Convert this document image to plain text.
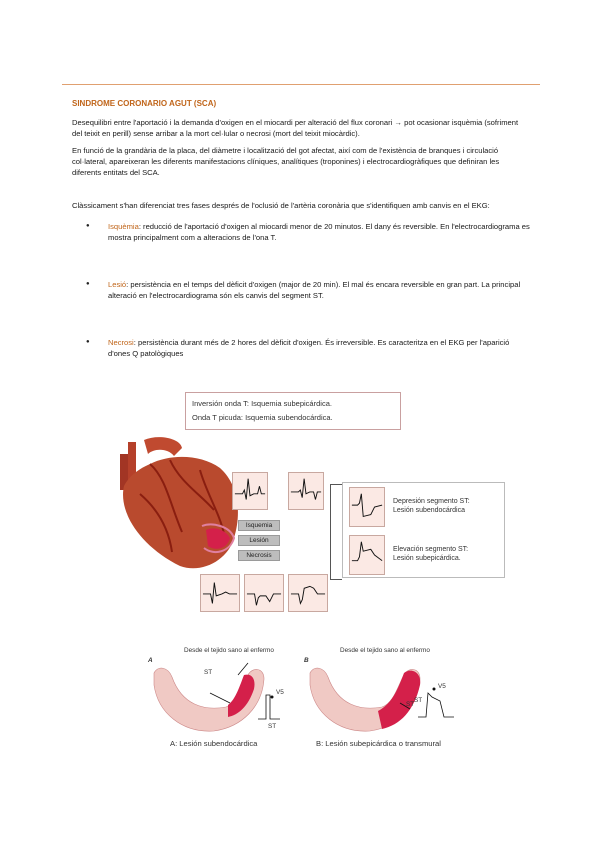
SINDROME CORONARIO AGUT (SCA)

Desequilibri entre l'aportació i la demanda d'oxigen en el miocardi per alteració del flux coronari → pot ocasionar isquèmia (sofriment del teixit en perill) sense arribar a la mort cel·lular o necrosi (mort del teixit miocàrdic).

En funció de la grandària de la placa, del diàmetre i localització del got afectat, així com de l'existència de branques i circulació col·lateral, apareixeran les diferents manifestacions clíniques, analítiques (troponines) i electrocardiogràfiques que definiran les diferents entitats del SCA.

Clàssicament s'han diferenciat tres fases després de l'oclusió de l'artèria coronària que s'identifiquen amb canvis en el EKG:

● Isquèmia: reducció de l'aportació d'oxigen al miocardi menor de 20 minutos. El dany és reversible. En l'electrocardiograma es mostra principalment com a alteracions de l'ona T.
● Lesió: persistència en el temps del dèficit d'oxigen (major de 20 min). El mal és encara reversible en gran part. La principal alteració en l'electrocardiograma són els canvis del segment ST.
● Necrosi: persistència durant més de 2 hores del dèficit d'oxigen. És irreversible. Es caracteritza en el EKG per l'aparició d'ones Q patològiques
Inversión onda T: Isquemia subepicárdica.
Onda T picuda: Isquemia subendocárdica.
Isquemia
Lesión
Necrosis
Depresión segmento ST:
Lesión subendocárdica
Elevación segmento ST:
Lesión subepicárdica.
A
Desde el tejido sano al enfermo
B
Desde el tejido sano al enfermo
ST
V5
ST
ST
V5
ST
A: Lesión subendocárdica	B: Lesión subepicárdica o transmural
